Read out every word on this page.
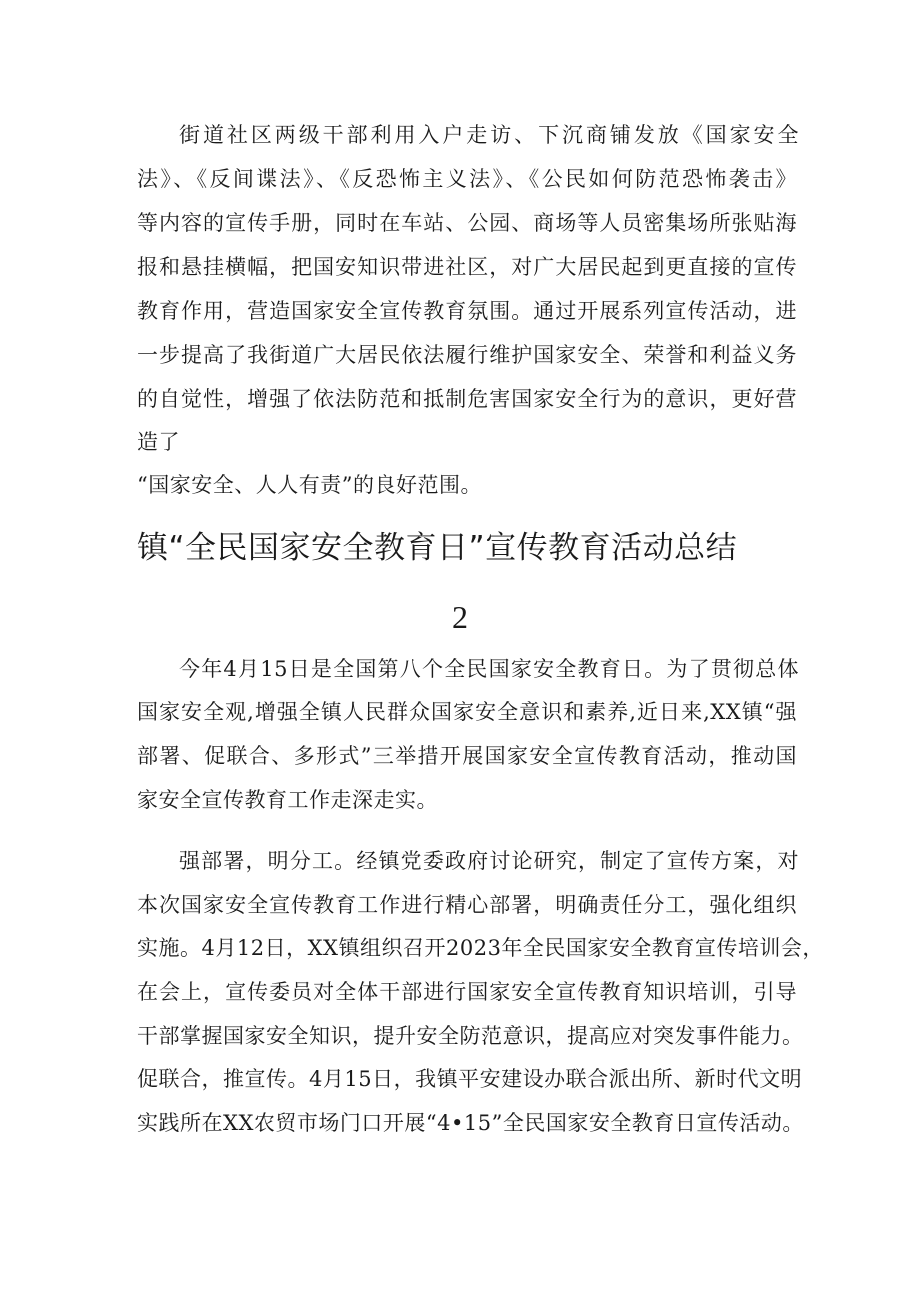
街道社区两级干部利用入户走访、下沉商铺发放《国家安全
法》、《反间谍法》、《反恐怖主义法》、《公民如何防范恐怖袭击》
等内容的宣传手册，同时在车站、公园、商场等人员密集场所张贴海
报和悬挂横幅，把国安知识带进社区，对广大居民起到更直接的宣传
教育作用，营造国家安全宣传教育氛围。通过开展系列宣传活动，进
一步提高了我街道广大居民依法履行维护国家安全、荣誉和利益义务
的自觉性，增强了依法防范和抵制危害国家安全行为的意识，更好营
造了
“国家安全、人人有责”的良好范围。
镇“全民国家安全教育日”宣传教育活动总结
2
今年4月15日是全国第八个全民国家安全教育日。为了贯彻总体
国家安全观,增强全镇人民群众国家安全意识和素养,近日来,XX镇“强
部署、促联合、多形式”三举措开展国家安全宣传教育活动，推动国
家安全宣传教育工作走深走实。
强部署，明分工。经镇党委政府讨论研究，制定了宣传方案，对
本次国家安全宣传教育工作进行精心部署，明确责任分工，强化组织
实施。4月12日，XX镇组织召开2023年全民国家安全教育宣传培训会，
在会上，宣传委员对全体干部进行国家安全宣传教育知识培训，引导
干部掌握国家安全知识，提升安全防范意识，提高应对突发事件能力。
促联合，推宣传。4月15日，我镇平安建设办联合派出所、新时代文明
实践所在XX农贸市场门口开展“4•15”全民国家安全教育日宣传活动。
